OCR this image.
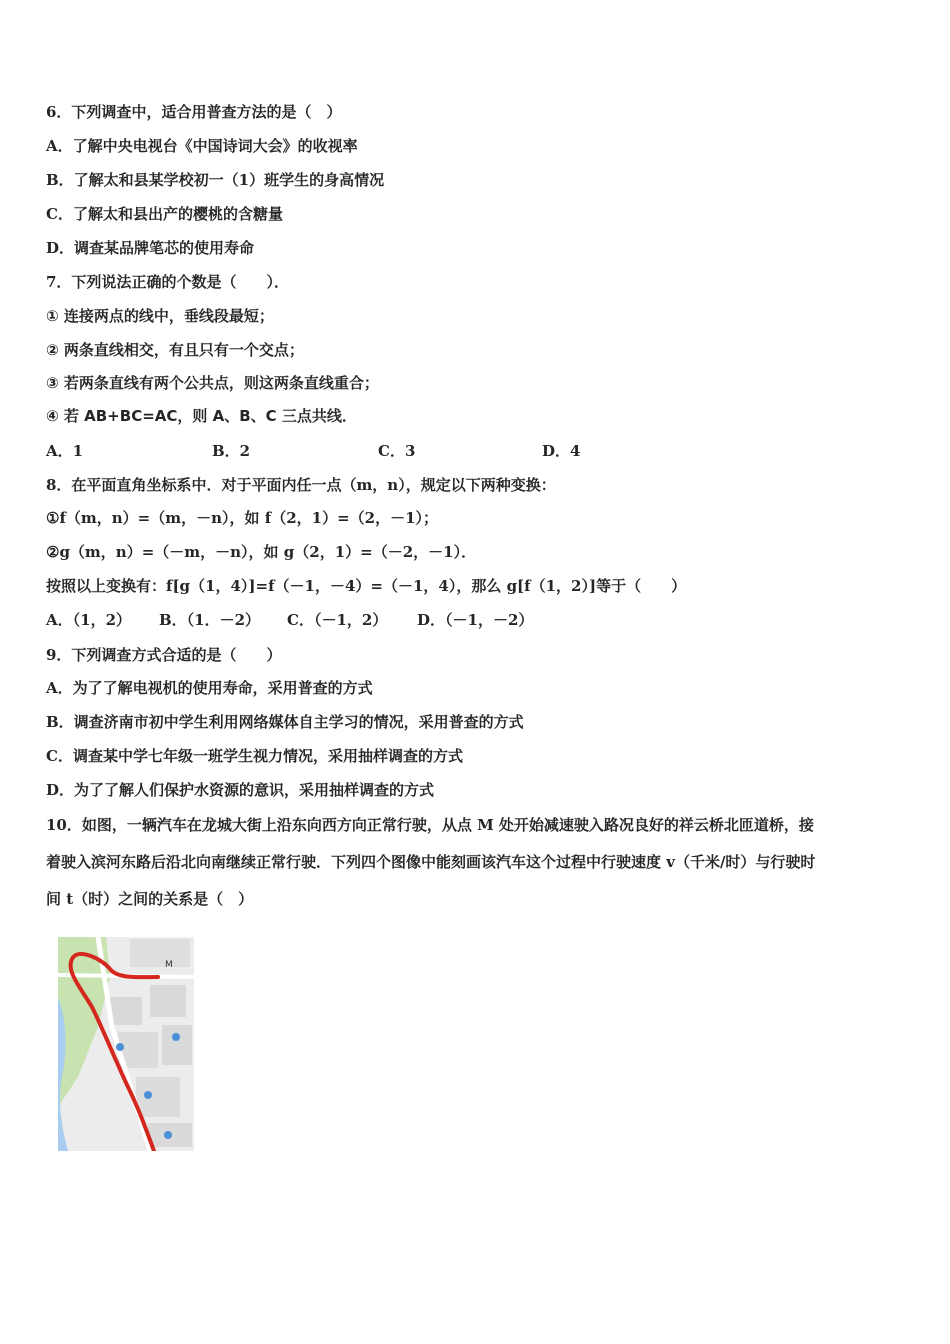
6．下列调查中，适合用普查方法的是（　）
A．了解中央电视台《中国诗词大会》的收视率
B．了解太和县某学校初一（1）班学生的身高情况
C．了解太和县出产的樱桃的含糖量
D．调查某品牌笔芯的使用寿命
7．下列说法正确的个数是（　　）．
① 连接两点的线中，垂线段最短；
② 两条直线相交，有且只有一个交点；
③ 若两条直线有两个公共点，则这两条直线重合；
④ 若 AB+BC=AC，则 A、B、C 三点共线．
A．1	B．2	C．3	D．4
8．在平面直角坐标系中．对于平面内任一点（m，n），规定以下两种变换：
①f（m，n）=（m，－n），如 f（2，1）=（2，－1）；
②g（m，n）=（－m，－n），如 g（2，1）=（－2，－1）．
按照以上变换有：f[g（1，4）]=f（－1，－4）=（－1，4），那么 g[f（1，2）]等于（　　）
A．（1，2） B．（1．－2） C．（－1，2） D．（－1，－2）
9．下列调查方式合适的是（　　）
A．为了了解电视机的使用寿命，采用普查的方式
B．调查济南市初中学生利用网络媒体自主学习的情况，采用普查的方式
C．调查某中学七年级一班学生视力情况，采用抽样调查的方式
D．为了了解人们保护水资源的意识，采用抽样调查的方式
10．如图，一辆汽车在龙城大街上沿东向西方向正常行驶，从点 M 处开始减速驶入路况良好的祥云桥北匝道桥，接
着驶入滨河东路后沿北向南继续正常行驶．下列四个图像中能刻画该汽车这个过程中行驶速度 v（千米/时）与行驶时
间 t（时）之间的关系是（　）
M
